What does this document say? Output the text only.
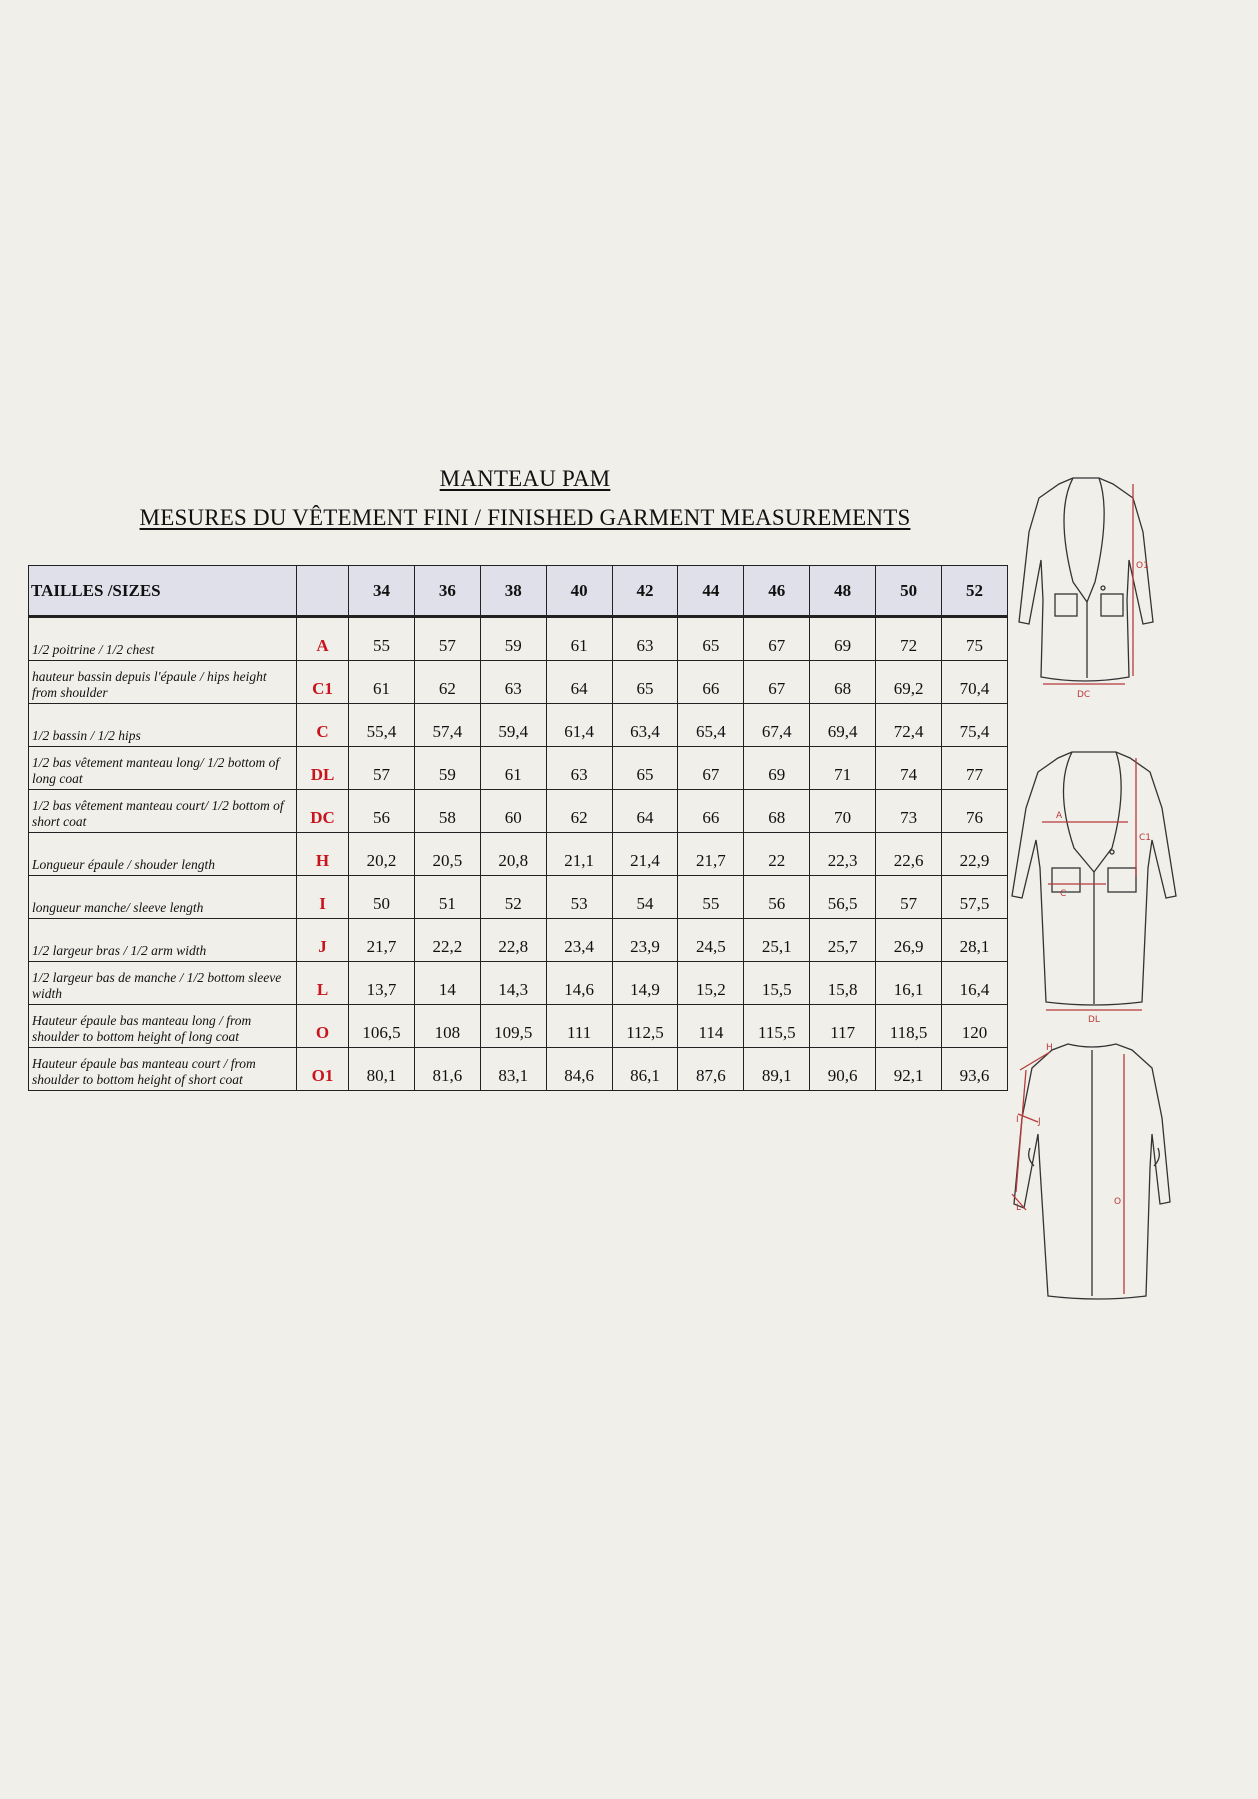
MANTEAU PAM
MESURES DU VÊTEMENT FINI / FINISHED GARMENT MEASUREMENTS
TAILLES /SIZES		34	36	38	40	42	44	46	48	50	52
1/2 poitrine / 1/2 chest	A	55	57	59	61	63	65	67	69	72	75
hauteur bassin depuis l'épaule / hips height from shoulder	C1	61	62	63	64	65	66	67	68	69,2	70,4
1/2 bassin / 1/2 hips	C	55,4	57,4	59,4	61,4	63,4	65,4	67,4	69,4	72,4	75,4
1/2 bas vêtement manteau long/ 1/2 bottom of long coat	DL	57	59	61	63	65	67	69	71	74	77
1/2 bas vêtement manteau court/ 1/2 bottom of short coat	DC	56	58	60	62	64	66	68	70	73	76
Longueur épaule / shouder length	H	20,2	20,5	20,8	21,1	21,4	21,7	22	22,3	22,6	22,9
longueur manche/ sleeve length	I	50	51	52	53	54	55	56	56,5	57	57,5
1/2 largeur bras / 1/2 arm width	J	21,7	22,2	22,8	23,4	23,9	24,5	25,1	25,7	26,9	28,1
1/2 largeur bas de manche / 1/2 bottom sleeve width	L	13,7	14	14,3	14,6	14,9	15,2	15,5	15,8	16,1	16,4
Hauteur épaule bas manteau long / from shoulder to bottom height of long coat	O	106,5	108	109,5	111	112,5	114	115,5	117	118,5	120
Hauteur épaule bas manteau court / from shoulder to bottom height of short coat	O1	80,1	81,6	83,1	84,6	86,1	87,6	89,1	90,6	92,1	93,6
O1
DC
A
C1
C
DL
H
I J
L
O
